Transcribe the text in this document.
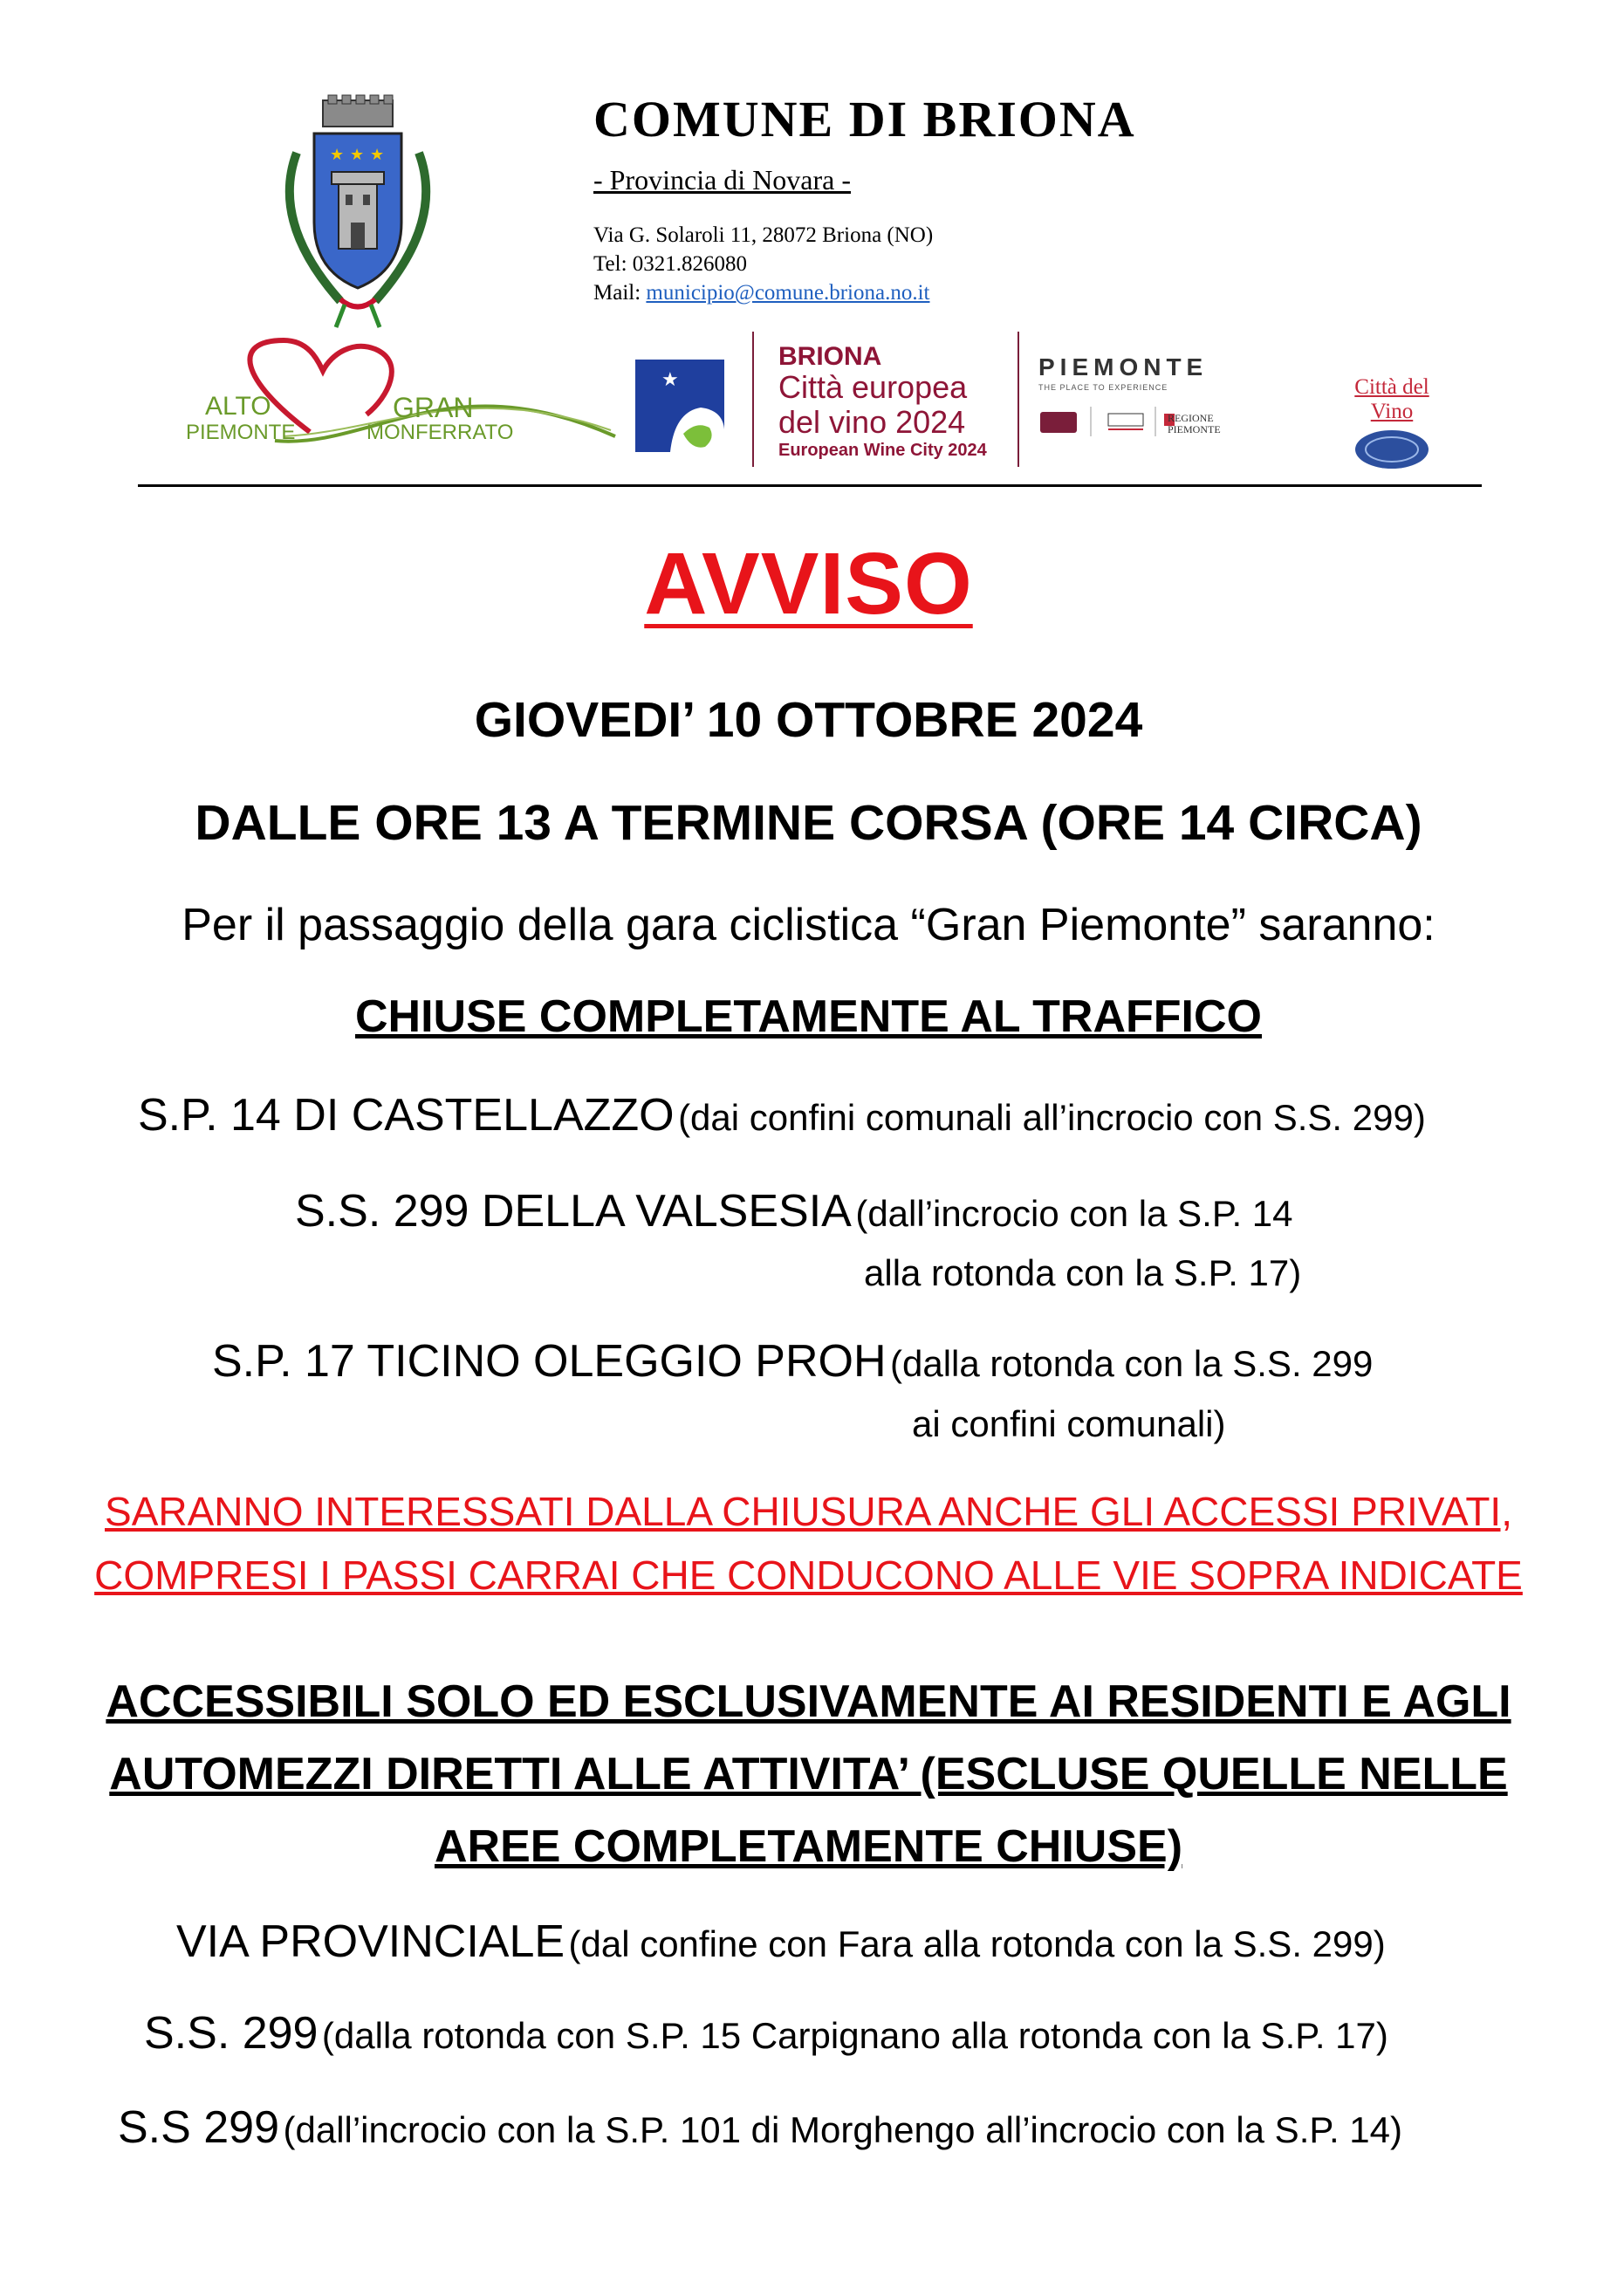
★ ★ ★
COMUNE DI BRIONA
- Provincia di Novara -
Via G. Solaroli 11, 28072 Briona (NO)
Tel: 0321.826080
Mail: municipio@comune.briona.no.it
ALTO
PIEMONTE
GRAN
MONFERRATO
★
BRIONA
Città europea
del vino 2024
European Wine City 2024
PIEMONTE
THE PLACE TO EXPERIENCE
REGIONE
PIEMONTE
Città del Vino
AVVISO
GIOVEDI’ 10 OTTOBRE 2024
DALLE ORE 13 A TERMINE CORSA (ORE 14 CIRCA)
Per il passaggio della gara ciclistica “Gran Piemonte” saranno:
CHIUSE COMPLETAMENTE AL TRAFFICO
S.P. 14 DI CASTELLAZZO (dai confini comunali all’incrocio con S.S. 299)
S.S. 299 DELLA VALSESIA (dall’incrocio con la S.P. 14
alla rotonda con la S.P. 17)
S.P. 17 TICINO OLEGGIO PROH (dalla rotonda con la S.S. 299
ai confini comunali)
SARANNO INTERESSATI DALLA CHIUSURA ANCHE GLI ACCESSI PRIVATI,
COMPRESI I PASSI CARRAI CHE CONDUCONO ALLE VIE SOPRA INDICATE
ACCESSIBILI SOLO ED ESCLUSIVAMENTE AI RESIDENTI E AGLI
AUTOMEZZI DIRETTI ALLE ATTIVITA’ (ESCLUSE QUELLE NELLE
AREE COMPLETAMENTE CHIUSE)
VIA PROVINCIALE (dal confine con Fara alla rotonda con la S.S. 299)
S.S. 299 (dalla rotonda con S.P. 15 Carpignano alla rotonda con la S.P. 17)
S.S 299 (dall’incrocio con la S.P. 101 di Morghengo all’incrocio con la S.P. 14)
